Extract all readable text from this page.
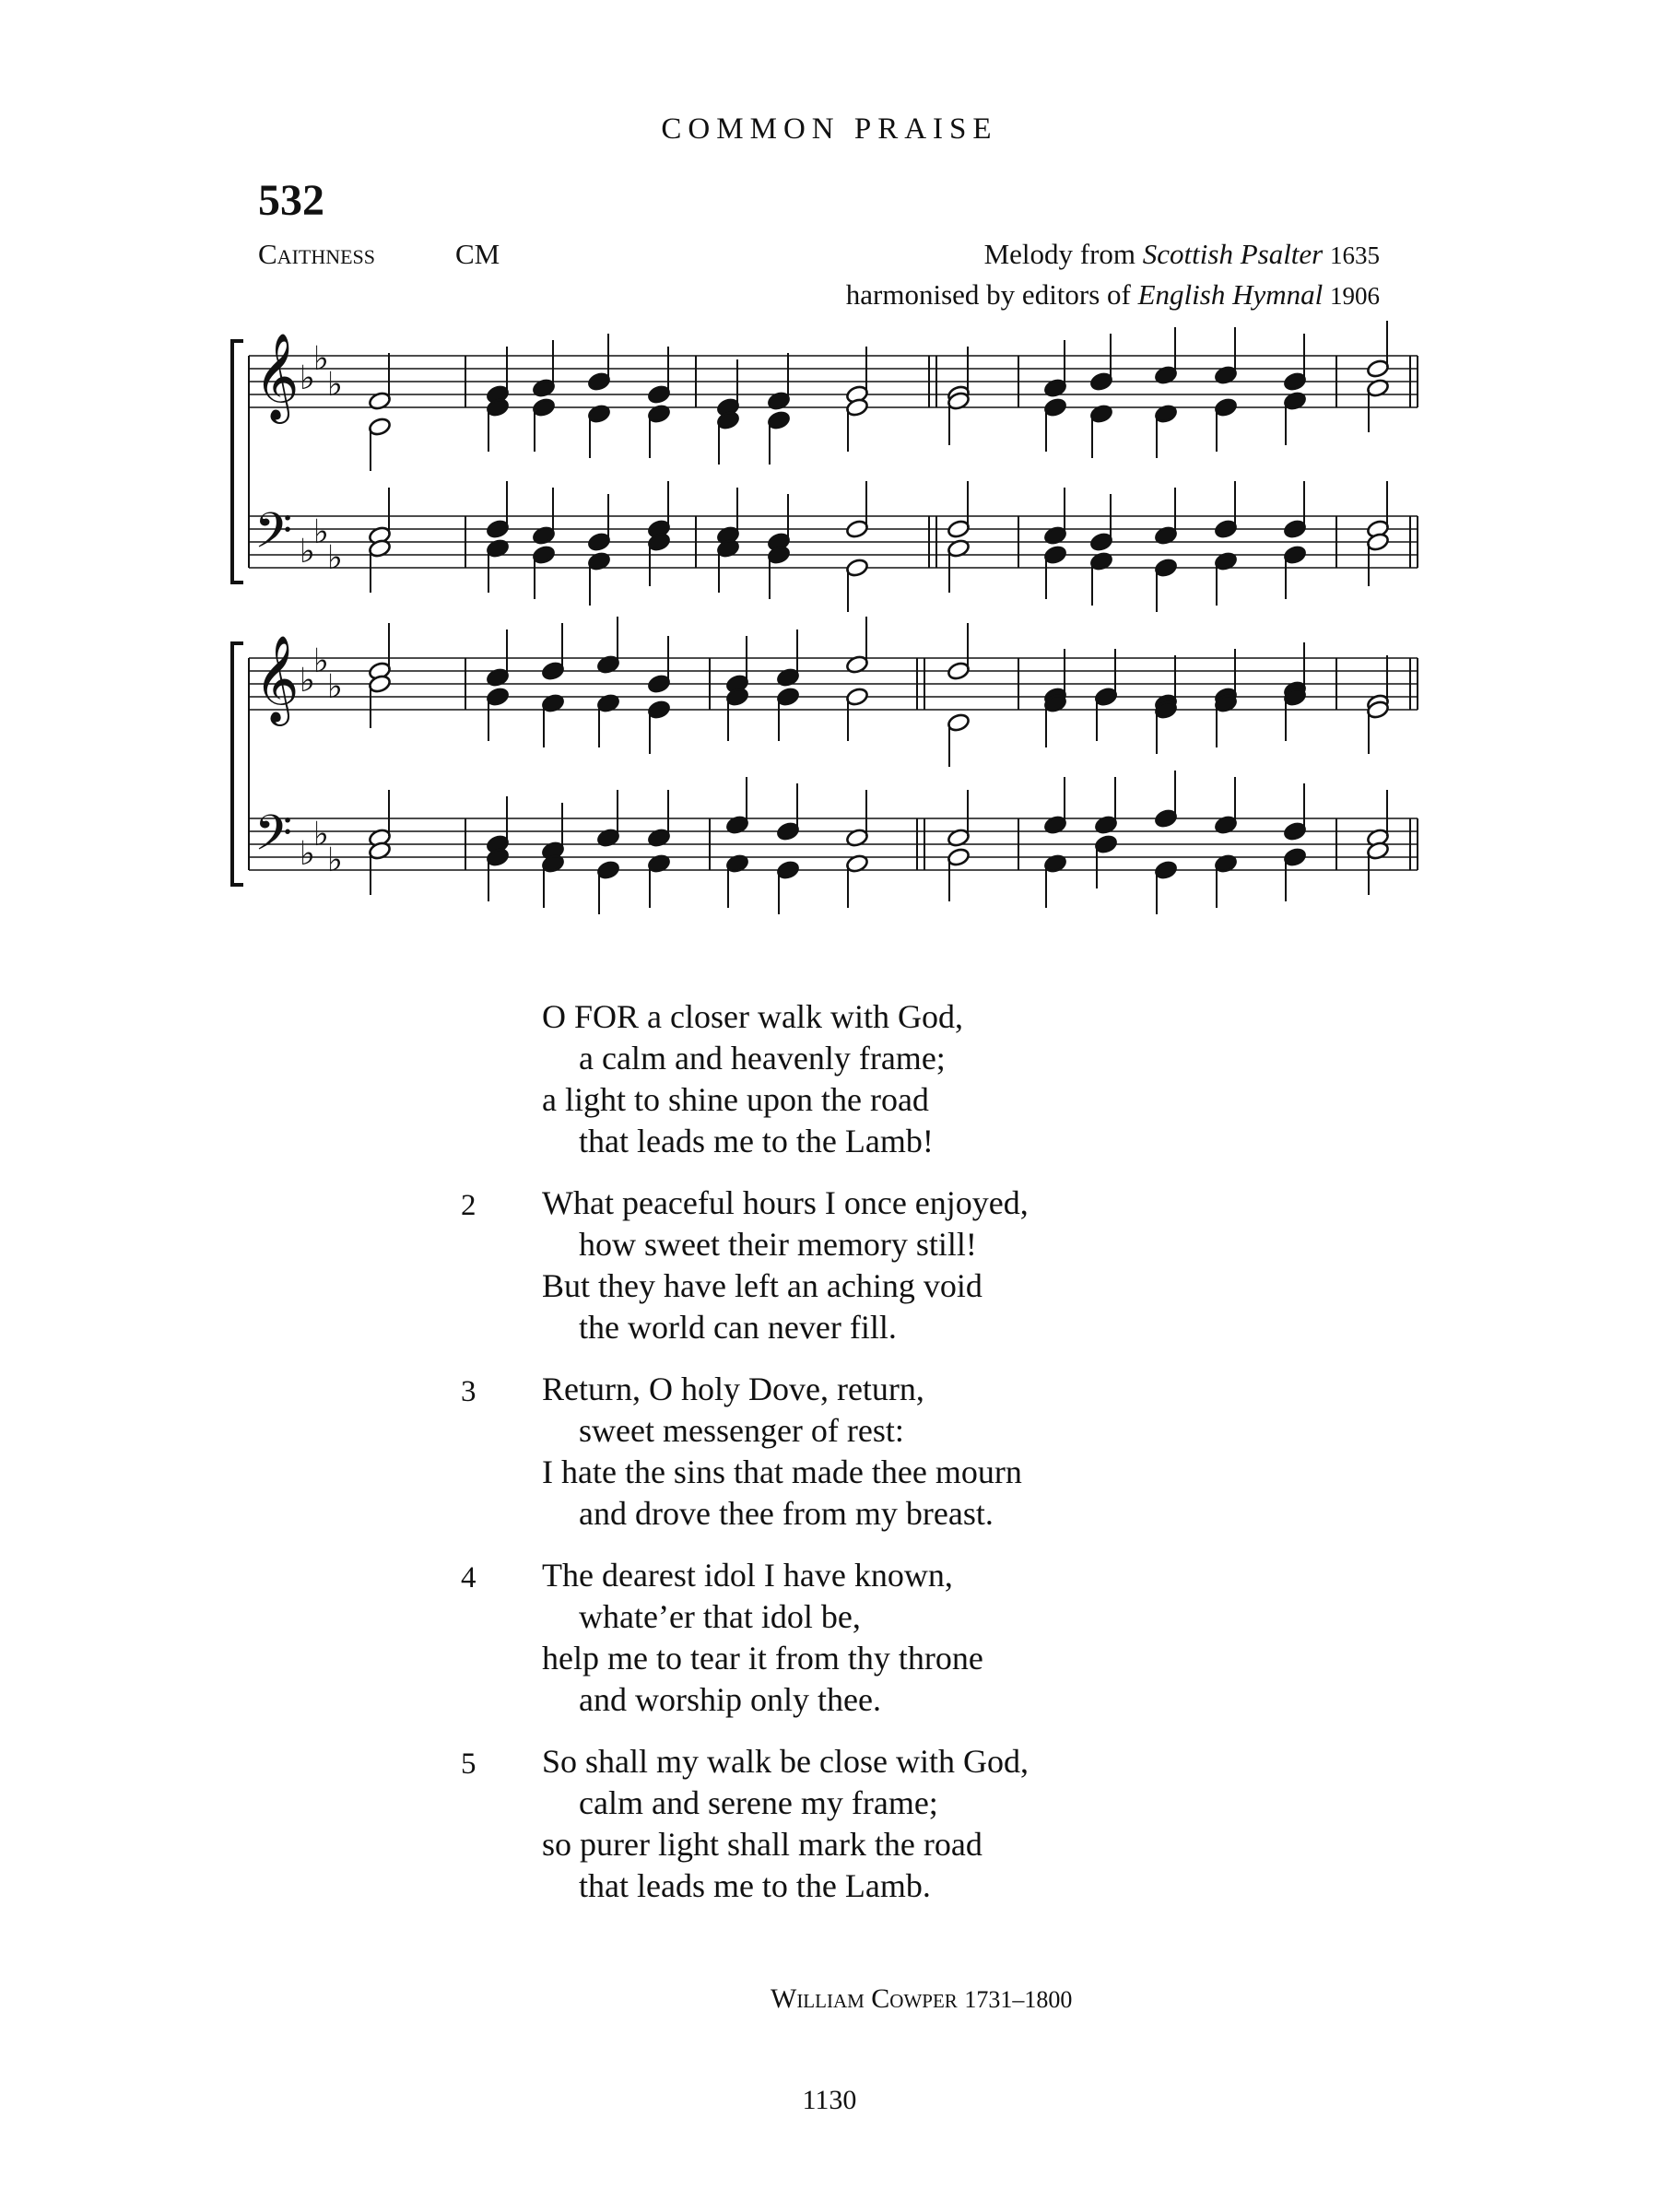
COMMON PRAISE
532
Caithness	CM	Melody from Scottish Psalter 1635
harmonised by editors of English Hymnal 1906
𝄞
𝄢
♭
♭
♭
♭
♭
♭
𝄞
𝄢
♭
♭
♭
♭
♭
♭
O FOR a closer walk with God,
a calm and heavenly frame;
a light to shine upon the road
that leads me to the Lamb!
2	What peaceful hours I once enjoyed,
how sweet their memory still!
But they have left an aching void
the world can never fill.
3	Return, O holy Dove, return,
sweet messenger of rest:
I hate the sins that made thee mourn
and drove thee from my breast.
4	The dearest idol I have known,
whate’er that idol be,
help me to tear it from thy throne
and worship only thee.
5	So shall my walk be close with God,
calm and serene my frame;
so purer light shall mark the road
that leads me to the Lamb.
William Cowper 1731–1800
1130
